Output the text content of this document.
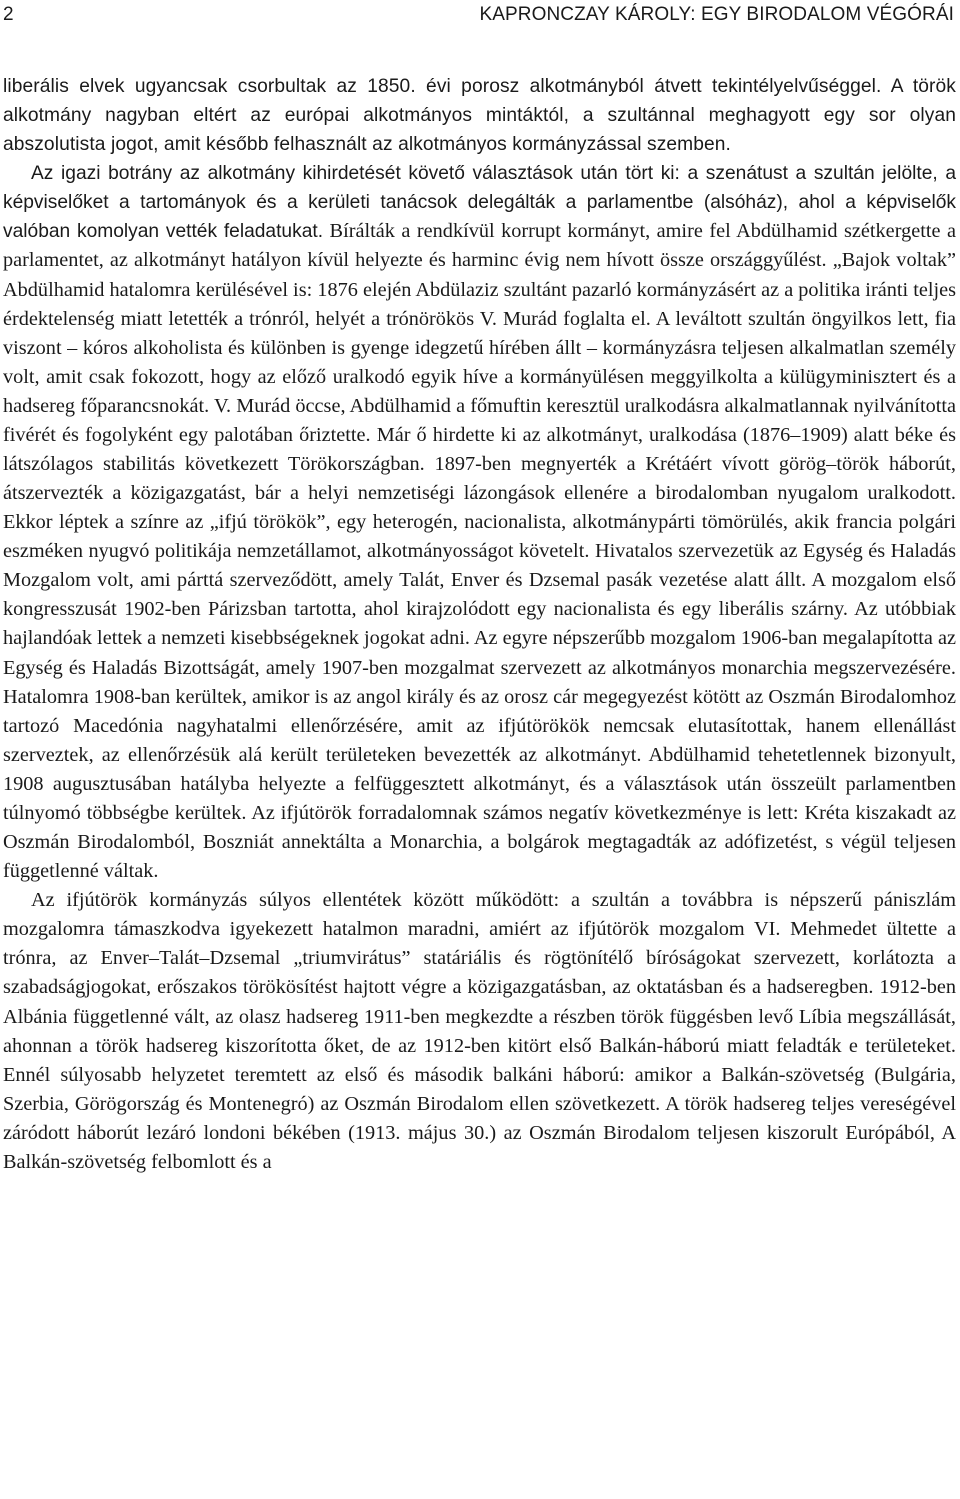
2	KAPRONCZAY KÁROLY: EGY BIRODALOM VÉGÓRÁI

liberális elvek ugyancsak csorbultak az 1850. évi porosz alkotmányból átvett tekintélyelvűséggel. A török alkotmány nagyban eltért az európai alkotmányos mintáktól, a szultánnal meghagyott egy sor olyan abszolutista jogot, amit később felhasznált az alkotmányos kormányzással szemben.

Az igazi botrány az alkotmány kihirdetését követő választások után tört ki: a szenátust a szultán jelölte, a képviselőket a tartományok és a kerületi tanácsok delegálták a parlamentbe (alsóház), ahol a képviselők valóban komolyan vették feladatukat. Bírálták a rendkívül korrupt kormányt, amire fel Abdülhamid szétkergette a parlamentet, az alkotmányt hatályon kívül helyezte és harminc évig nem hívott össze országgyűlést. „Bajok voltak” Abdülhamid hatalomra kerülésével is: 1876 elején Abdülaziz szultánt pazarló kormányzásért az a politika iránti teljes érdektelenség miatt letették a trónról, helyét a trónörökös V. Murád foglalta el. A leváltott szultán öngyilkos lett, fia viszont – kóros alkoholista és különben is gyenge idegzetű hírében állt – kormányzásra teljesen alkalmatlan személy volt, amit csak fokozott, hogy az előző uralkodó egyik híve a kormányülésen meggyilkolta a külügyminisztert és a hadsereg főparancsnokát. V. Murád öccse, Abdülhamid a főmuftin keresztül uralkodásra alkalmatlannak nyilvánította fivérét és fogolyként egy palotában őriztette. Már ő hirdette ki az alkotmányt, uralkodása (1876–1909) alatt béke és látszólagos stabilitás következett Törökországban. 1897-ben megnyerték a Krétáért vívott görög–török háborút, átszervezték a közigazgatást, bár a helyi nemzetiségi lázongások ellenére a birodalomban nyugalom uralkodott. Ekkor léptek a színre az „ifjú törökök”, egy heterogén, nacionalista, alkotmánypárti tömörülés, akik francia polgári eszméken nyugvó politikája nemzetállamot, alkotmányosságot követelt. Hivatalos szervezetük az Egység és Haladás Mozgalom volt, ami párttá szerveződött, amely Talát, Enver és Dzsemal pasák vezetése alatt állt. A mozgalom első kongresszusát 1902-ben Párizsban tartotta, ahol kirajzolódott egy nacionalista és egy liberális szárny. Az utóbbiak hajlandóak lettek a nemzeti kisebbségeknek jogokat adni. Az egyre népszerűbb mozgalom 1906-ban megalapította az Egység és Haladás Bizottságát, amely 1907-ben mozgalmat szervezett az alkotmányos monarchia megszervezésére. Hatalomra 1908-ban kerültek, amikor is az angol király és az orosz cár megegyezést kötött az Oszmán Birodalomhoz tartozó Macedónia nagyhatalmi ellenőrzésére, amit az ifjútörökök nemcsak elutasítottak, hanem ellenállást szerveztek, az ellenőrzésük alá került területeken bevezették az alkotmányt. Abdülhamid tehetetlennek bizonyult, 1908 augusztusában hatályba helyezte a felfüggesztett alkotmányt, és a választások után összeült parlamentben túlnyomó többségbe kerültek. Az ifjútörök forradalomnak számos negatív következménye is lett: Kréta kiszakadt az Oszmán Birodalomból, Boszniát annektálta a Monarchia, a bolgárok megtagadták az adófizetést, s végül teljesen függetlenné váltak.

Az ifjútörök kormányzás súlyos ellentétek között működött: a szultán a továbbra is népszerű pániszlám mozgalomra támaszkodva igyekezett hatalmon maradni, amiért az ifjútörök mozgalom VI. Mehmedet ültette a trónra, az Enver–Talát–Dzsemal „triumvirátus” statáriális és rögtönítélő bíróságokat szervezett, korlátozta a szabadságjogokat, erőszakos törökösítést hajtott végre a közigazgatásban, az oktatásban és a hadseregben. 1912-ben Albánia függetlenné vált, az olasz hadsereg 1911-ben megkezdte a részben török függésben levő Líbia megszállását, ahonnan a török hadsereg kiszorította őket, de az 1912-ben kitört első Balkán-háború miatt feladták e területeket. Ennél súlyosabb helyzetet teremtett az első és második balkáni háború: amikor a Balkán-szövetség (Bulgária, Szerbia, Görögország és Montenegró) az Oszmán Birodalom ellen szövetkezett. A török hadsereg teljes vereségével záródott háborút lezáró londoni békében (1913. május 30.) az Oszmán Birodalom teljesen kiszorult Európából, A Balkán-szövetség felbomlott és a
